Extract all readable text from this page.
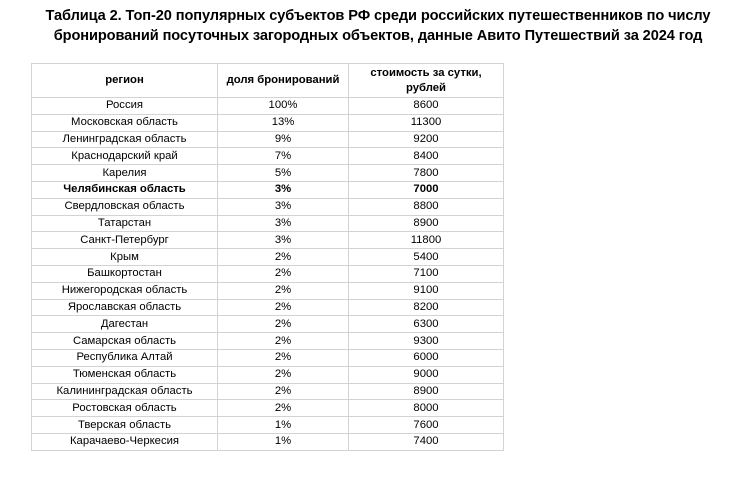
Таблица 2. Топ-20 популярных субъектов РФ среди российских путешественников по числу
бронирований посуточных загородных объектов, данные Авито Путешествий за 2024 год
регион	доля бронирований	стоимость за сутки,
рублей

Россия	100%	8600
Московская область	13%	11300
Ленинградская область	9%	9200
Краснодарский край	7%	8400
Карелия	5%	7800
Челябинская область	3%	7000
Свердловская область	3%	8800
Татарстан	3%	8900
Санкт-Петербург	3%	11800
Крым	2%	5400
Башкортостан	2%	7100
Нижегородская область	2%	9100
Ярославская область	2%	8200
Дагестан	2%	6300
Самарская область	2%	9300
Республика Алтай	2%	6000
Тюменская область	2%	9000
Калининградская область	2%	8900
Ростовская область	2%	8000
Тверская область	1%	7600
Карачаево-Черкесия	1%	7400
